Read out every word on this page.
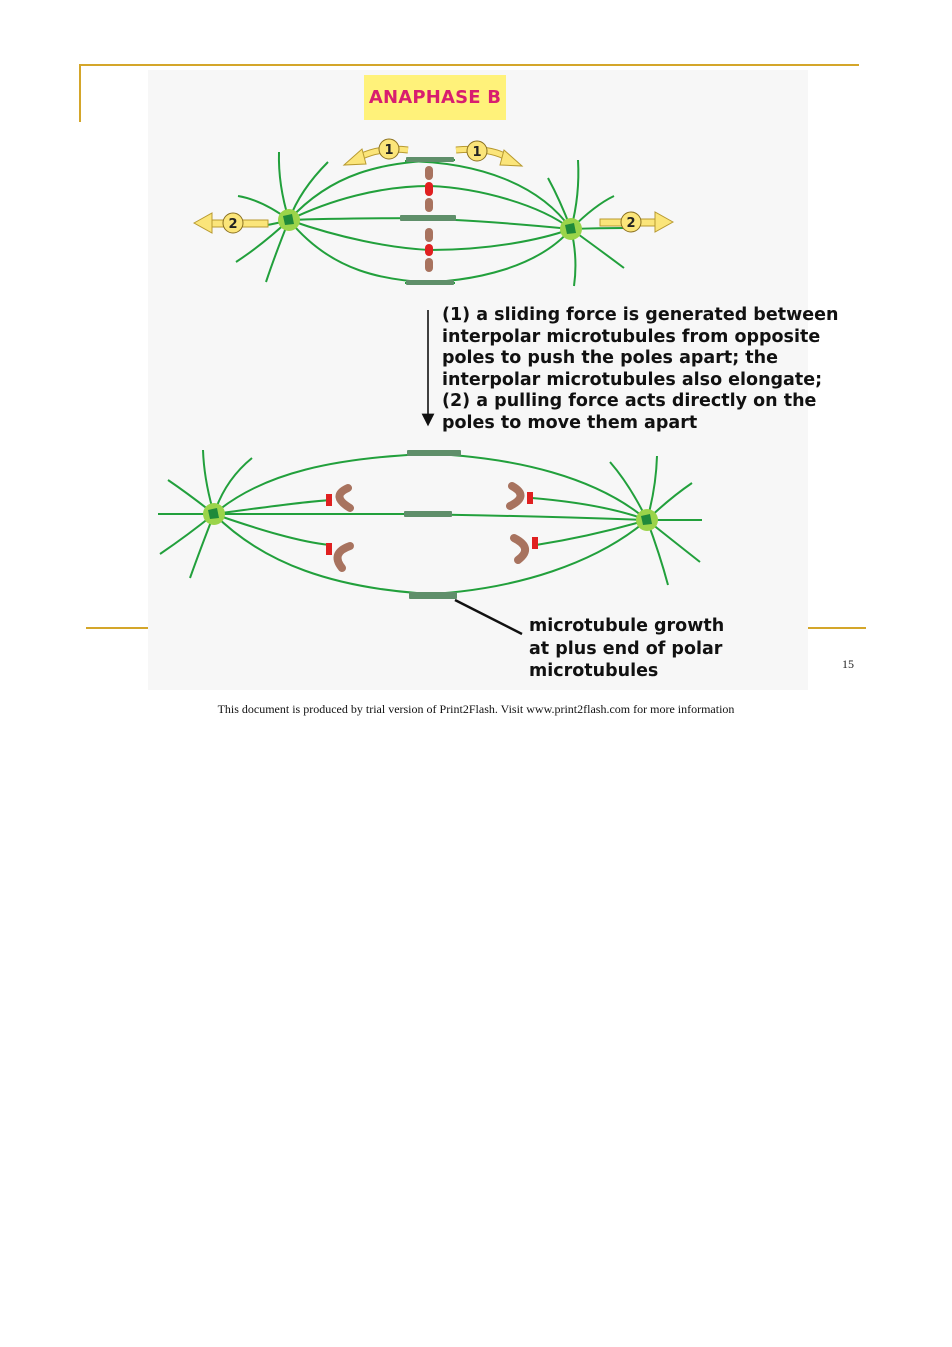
ANAPHASE B
1	1
2	2
(1) a sliding force is generated between
interpolar microtubules from opposite
poles to push the poles apart; the
interpolar microtubules also elongate;
(2) a pulling force acts directly on the
poles to move them apart
microtubule growth
at plus end of polar
microtubules	15
This document is produced by trial version of Print2Flash. Visit www.print2flash.com for more information
